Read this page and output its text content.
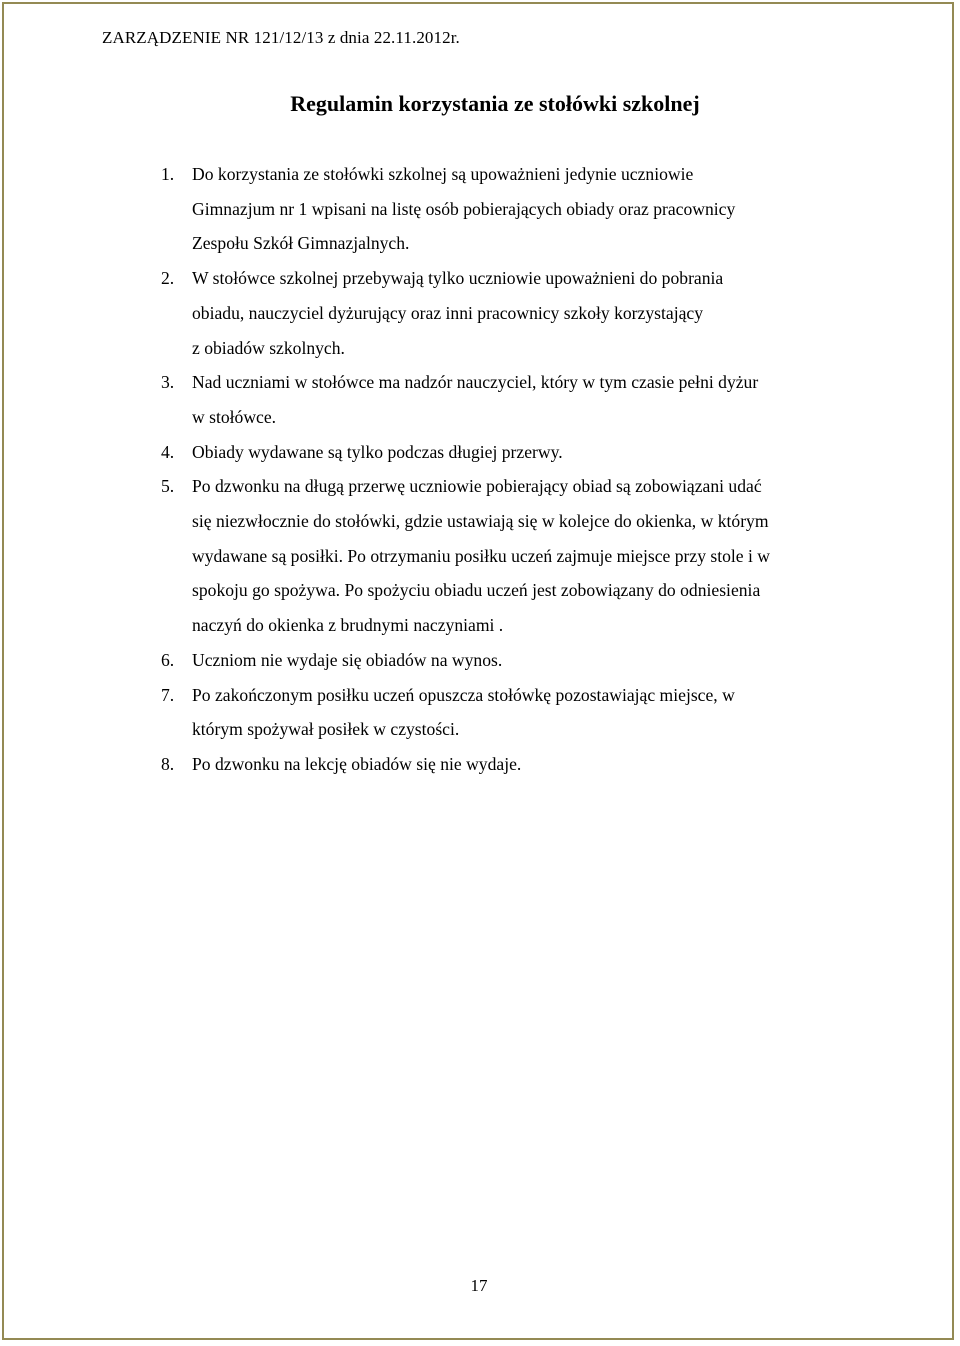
ZARZĄDZENIE NR 121/12/13 z dnia 22.11.2012r.
Regulamin korzystania ze stołówki szkolnej
1. Do korzystania ze stołówki szkolnej są upoważnieni jedynie uczniowie
Gimnazjum nr 1 wpisani na listę osób pobierających obiady oraz pracownicy
Zespołu Szkół Gimnazjalnych.
2. W stołówce szkolnej przebywają tylko uczniowie upoważnieni do pobrania
obiadu, nauczyciel dyżurujący oraz inni pracownicy szkoły korzystający
z obiadów szkolnych.
3. Nad uczniami w stołówce ma nadzór nauczyciel, który w tym czasie pełni dyżur
w stołówce.
4. Obiady wydawane są tylko podczas długiej przerwy.
5. Po dzwonku na długą przerwę uczniowie pobierający obiad są zobowiązani udać
się niezwłocznie do stołówki, gdzie ustawiają się w kolejce do okienka, w którym
wydawane są posiłki. Po otrzymaniu posiłku uczeń zajmuje miejsce przy stole i w
spokoju go spożywa. Po spożyciu obiadu uczeń jest zobowiązany do odniesienia
naczyń do okienka z brudnymi naczyniami .
6. Uczniom nie wydaje się obiadów na wynos.
7. Po zakończonym posiłku uczeń opuszcza stołówkę pozostawiając miejsce, w
którym spożywał posiłek w czystości.
8. Po dzwonku na lekcję obiadów się nie wydaje.
17
